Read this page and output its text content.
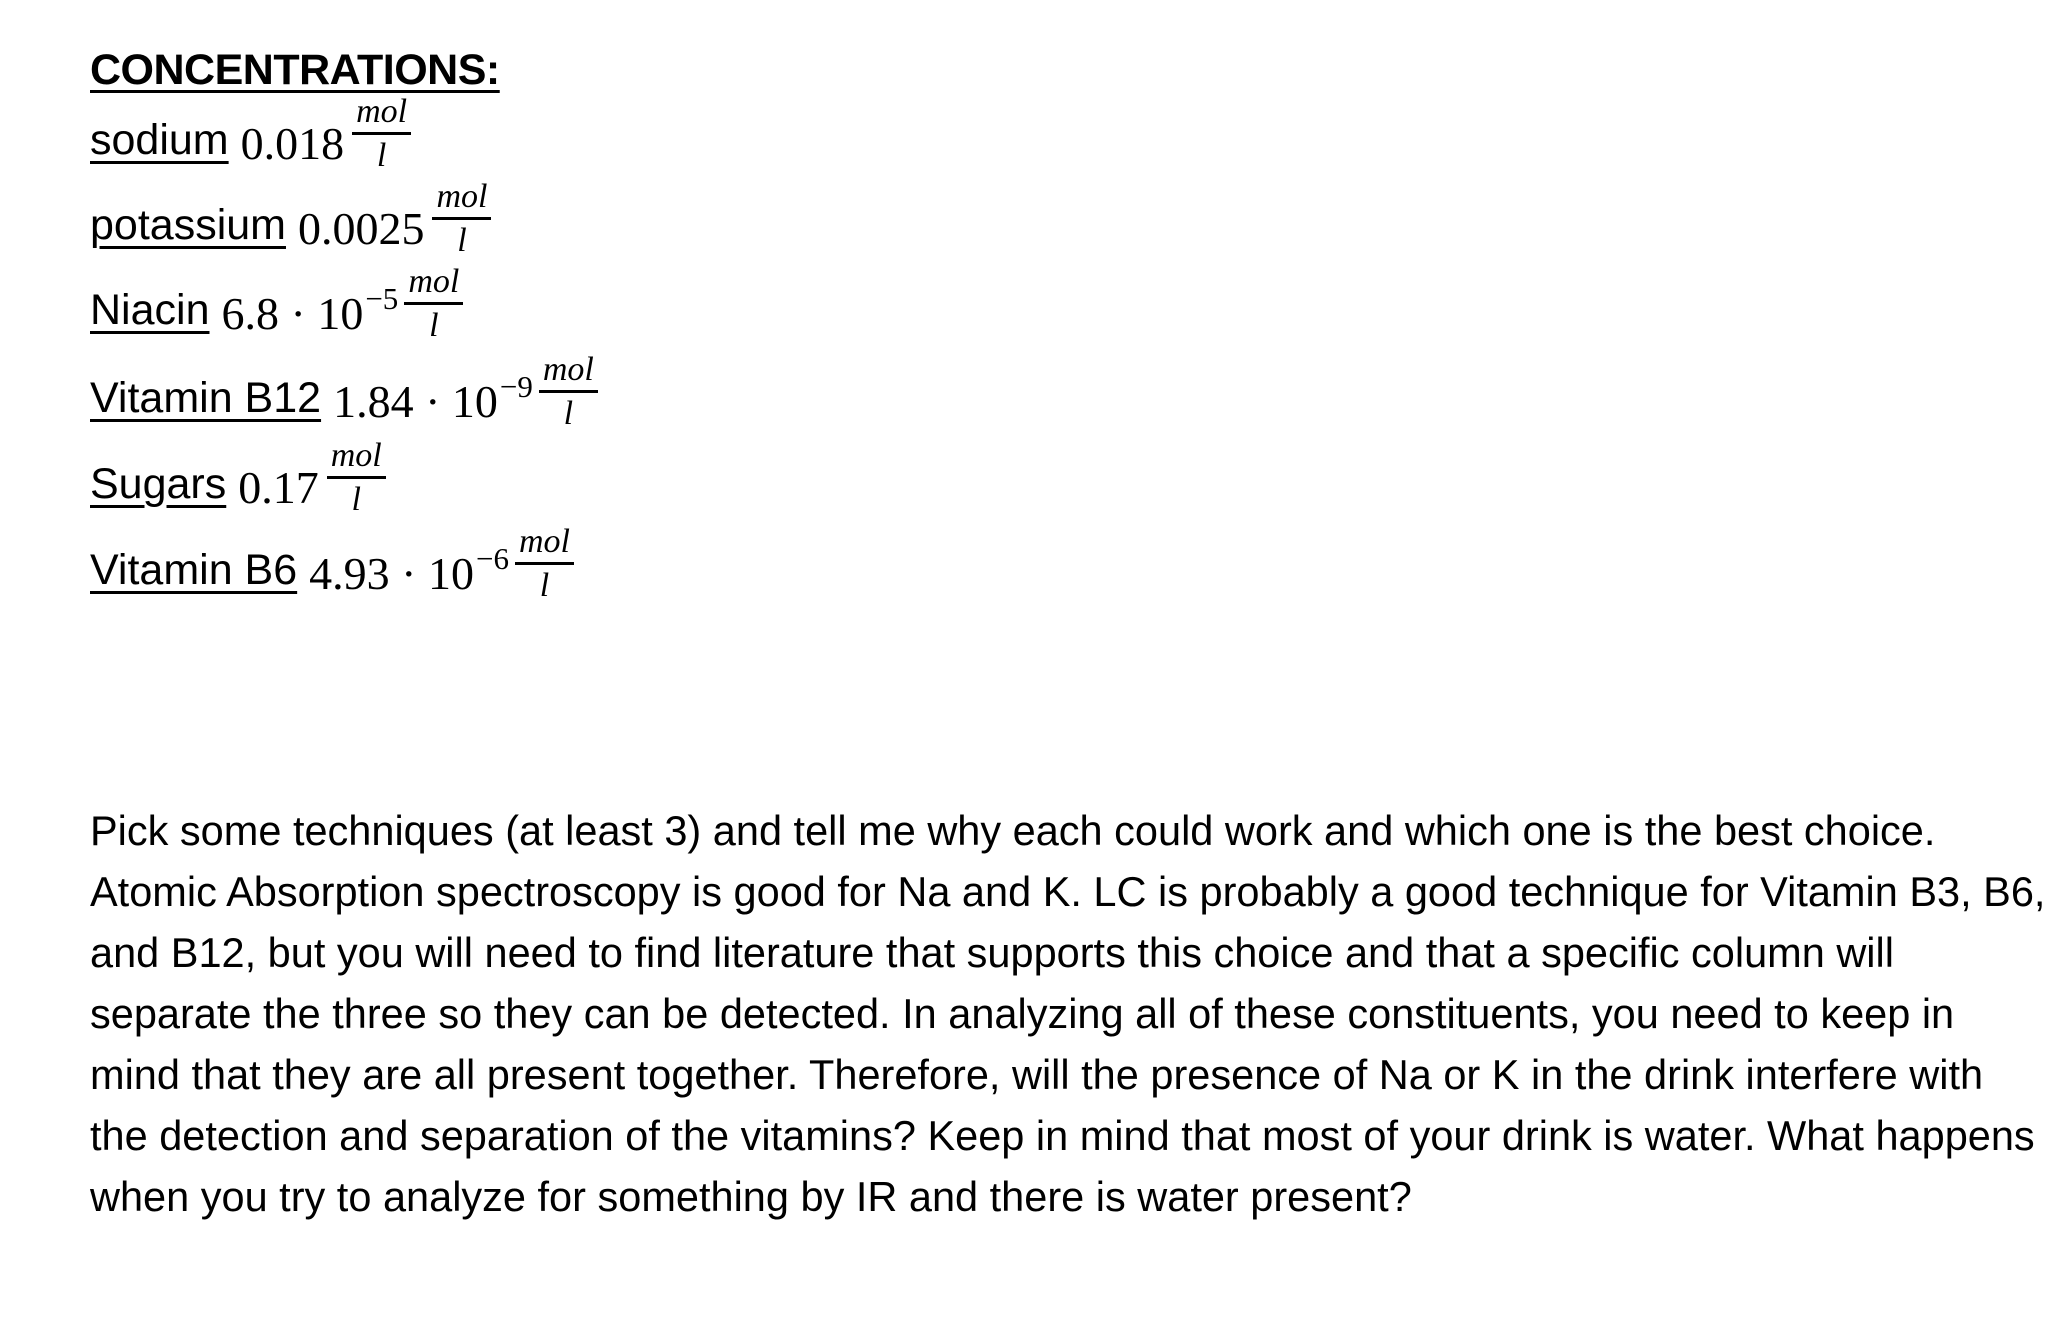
CONCENTRATIONS:
sodium $0.018 \frac{\text{mol}}{l}$
potassium $0.0025 \frac{\text{mol}}{l}$
Niacin $6.8 \cdot 10^{-5} \frac{\text{mol}}{l}$
Vitamin B12 $1.84 \cdot 10^{-9} \frac{\text{mol}}{l}$
Sugars $0.17 \frac{\text{mol}}{l}$
Vitamin B6 $4.93 \cdot 10^{-6} \frac{\text{mol}}{l}$

Pick some techniques (at least 3) and tell me why each could work and which one is the best choice. Atomic Absorption spectroscopy is good for Na and K. LC is probably a good technique for Vitamin B3, B6, and B12, but you will need to find literature that supports this choice and that a specific column will separate the three so they can be detected. In analyzing all of these constituents, you need to keep in mind that they are all present together. Therefore, will the presence of Na or K in the drink interfere with the detection and separation of the vitamins? Keep in mind that most of your drink is water. What happens when you try to analyze for something by IR and there is water present?
